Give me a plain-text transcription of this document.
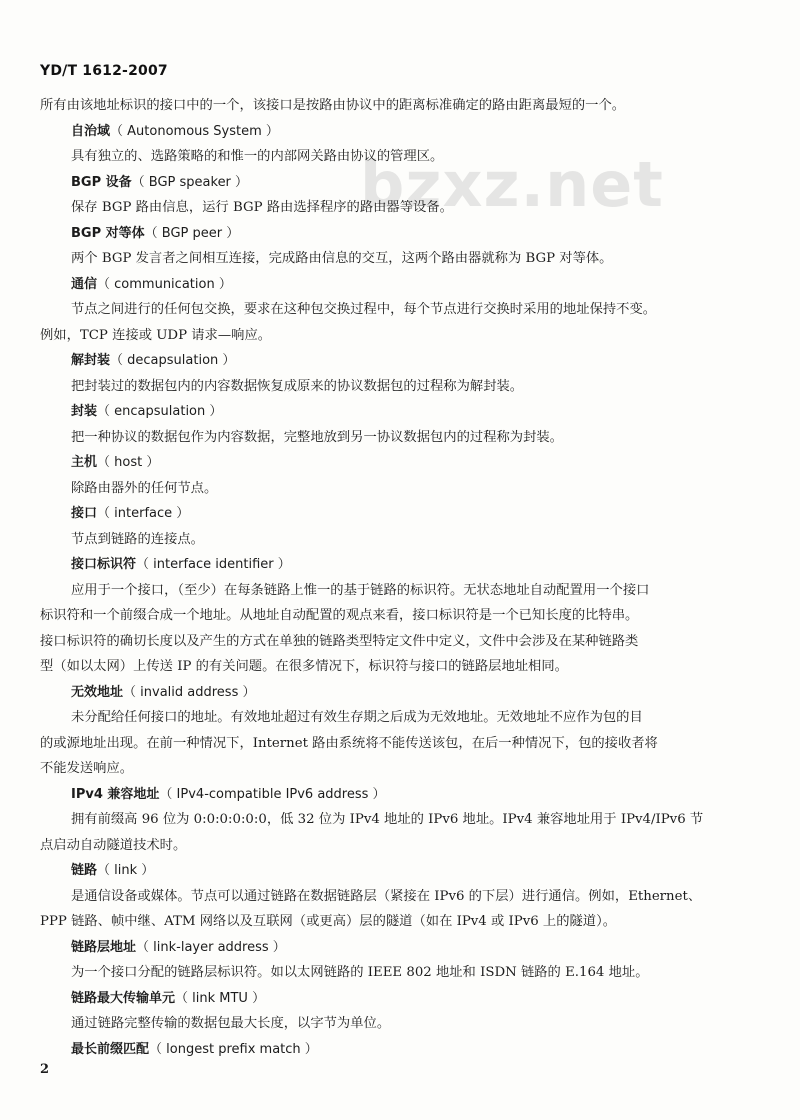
bzxz.net
YD/T 1612-2007
所有由该地址标识的接口中的一个，该接口是按路由协议中的距离标准确定的路由距离最短的一个。
自治域（ Autonomous System ）
具有独立的、选路策略的和惟一的内部网关路由协议的管理区。
BGP 设备（ BGP speaker ）
保存 BGP 路由信息，运行 BGP 路由选择程序的路由器等设备。
BGP 对等体（ BGP peer ）
两个 BGP 发言者之间相互连接，完成路由信息的交互，这两个路由器就称为 BGP 对等体。
通信（ communication ）
节点之间进行的任何包交换，要求在这种包交换过程中，每个节点进行交换时采用的地址保持不变。
例如，TCP 连接或 UDP 请求—响应。
解封装（ decapsulation ）
把封装过的数据包内的内容数据恢复成原来的协议数据包的过程称为解封装。
封装（ encapsulation ）
把一种协议的数据包作为内容数据，完整地放到另一协议数据包内的过程称为封装。
主机（ host ）
除路由器外的任何节点。
接口（ interface ）
节点到链路的连接点。
接口标识符（ interface identifier ）
应用于一个接口，（至少）在每条链路上惟一的基于链路的标识符。无状态地址自动配置用一个接口
标识符和一个前缀合成一个地址。从地址自动配置的观点来看，接口标识符是一个已知长度的比特串。
接口标识符的确切长度以及产生的方式在单独的链路类型特定文件中定义，文件中会涉及在某种链路类
型（如以太网）上传送 IP 的有关问题。在很多情况下，标识符与接口的链路层地址相同。
无效地址（ invalid address ）
未分配给任何接口的地址。有效地址超过有效生存期之后成为无效地址。无效地址不应作为包的目
的或源地址出现。在前一种情况下，Internet 路由系统将不能传送该包，在后一种情况下，包的接收者将
不能发送响应。
IPv4 兼容地址（ IPv4-compatible IPv6 address ）
拥有前缀高 96 位为 0:0:0:0:0:0，低 32 位为 IPv4 地址的 IPv6 地址。IPv4 兼容地址用于 IPv4/IPv6 节
点启动自动隧道技术时。
链路（ link ）
是通信设备或媒体。节点可以通过链路在数据链路层（紧接在 IPv6 的下层）进行通信。例如，Ethernet、
PPP 链路、帧中继、ATM 网络以及互联网（或更高）层的隧道（如在 IPv4 或 IPv6 上的隧道）。
链路层地址（ link-layer address ）
为一个接口分配的链路层标识符。如以太网链路的 IEEE 802 地址和 ISDN 链路的 E.164 地址。
链路最大传输单元（ link MTU ）
通过链路完整传输的数据包最大长度，以字节为单位。
最长前缀匹配（ longest prefix match ）
2
